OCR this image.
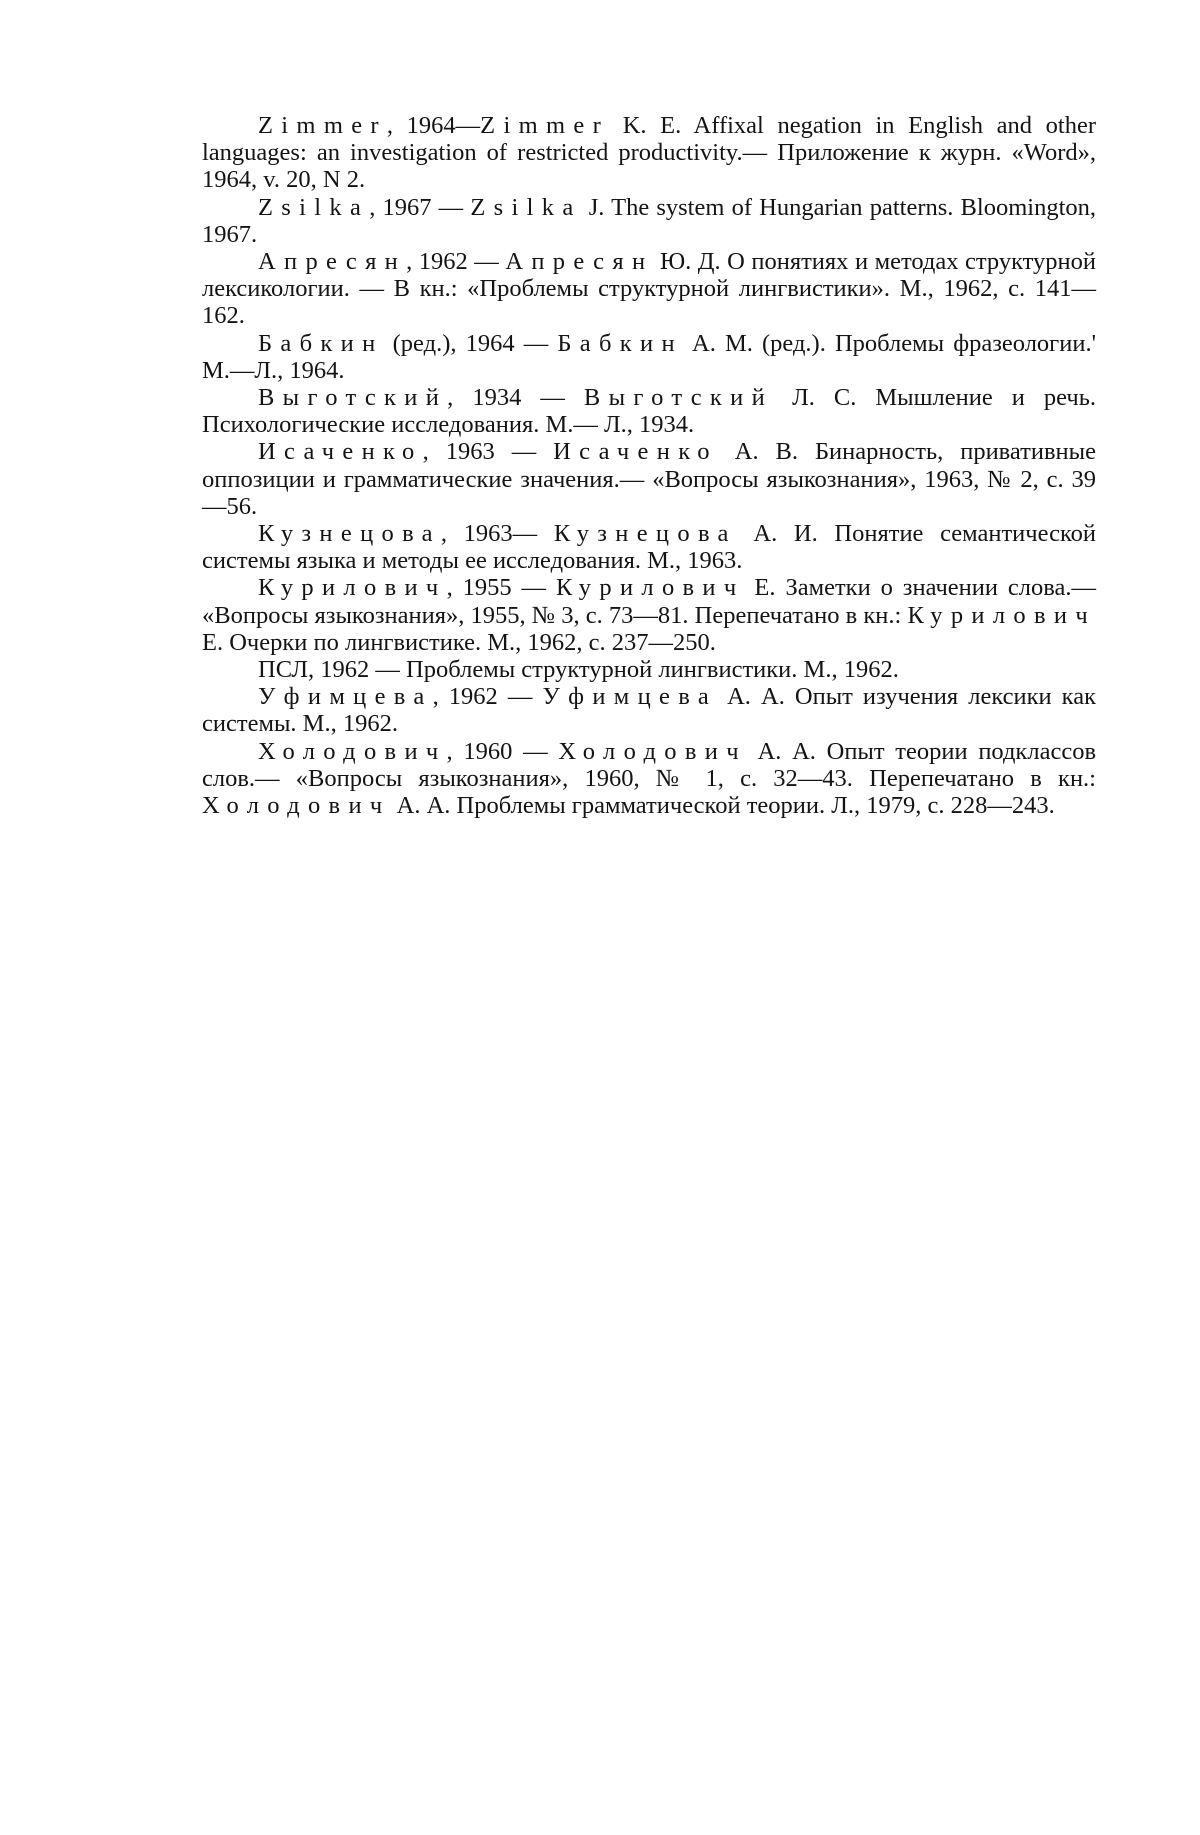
Zimmer, 1964—Zimmer K. E. Affixal negation in English and other languages: an investigation of restricted productivity.— Приложение к журн. «Word», 1964, v. 20, N 2.

Zsilka, 1967 — Zsilka J. The system of Hungarian patterns. Bloomington, 1967.

Апресян, 1962 — Апресян Ю. Д. О понятиях и методах структурной лексикологии. — В кн.: «Проблемы структурной лингвистики». М., 1962, с. 141—162.

Бабкин (ред.), 1964 — Бабкин А. М. (ред.). Проблемы фразеологии.' М.—Л., 1964.

Выготский, 1934 — Выготский Л. С. Мышление и речь. Психологические исследования. М.— Л., 1934.

Исаченко, 1963 — Исаченко А. В. Бинарность, привативные оппозиции и грамматические значения.— «Вопросы языкознания», 1963, № 2, с. 39—56.

Кузнецова, 1963— Кузнецова А. И. Понятие семантической системы языка и методы ее исследования. М., 1963.

Курилович, 1955 — Курилович Е. Заметки о значении слова.— «Вопросы языкознания», 1955, № 3, с. 73—81. Перепечатано в кн.: Курилович Е. Очерки по лингвистике. М., 1962, с. 237—250.

ПСЛ, 1962 — Проблемы структурной лингвистики. М., 1962.

Уфимцева, 1962 — Уфимцева А. А. Опыт изучения лексики как системы. М., 1962.

Холодович, 1960 — Холодович А. А. Опыт теории подклассов слов.— «Вопросы языкознания», 1960, № 1, с. 32—43. Перепечатано в кн.: Холодович А. А. Проблемы грамматической теории. Л., 1979, с. 228—243.
